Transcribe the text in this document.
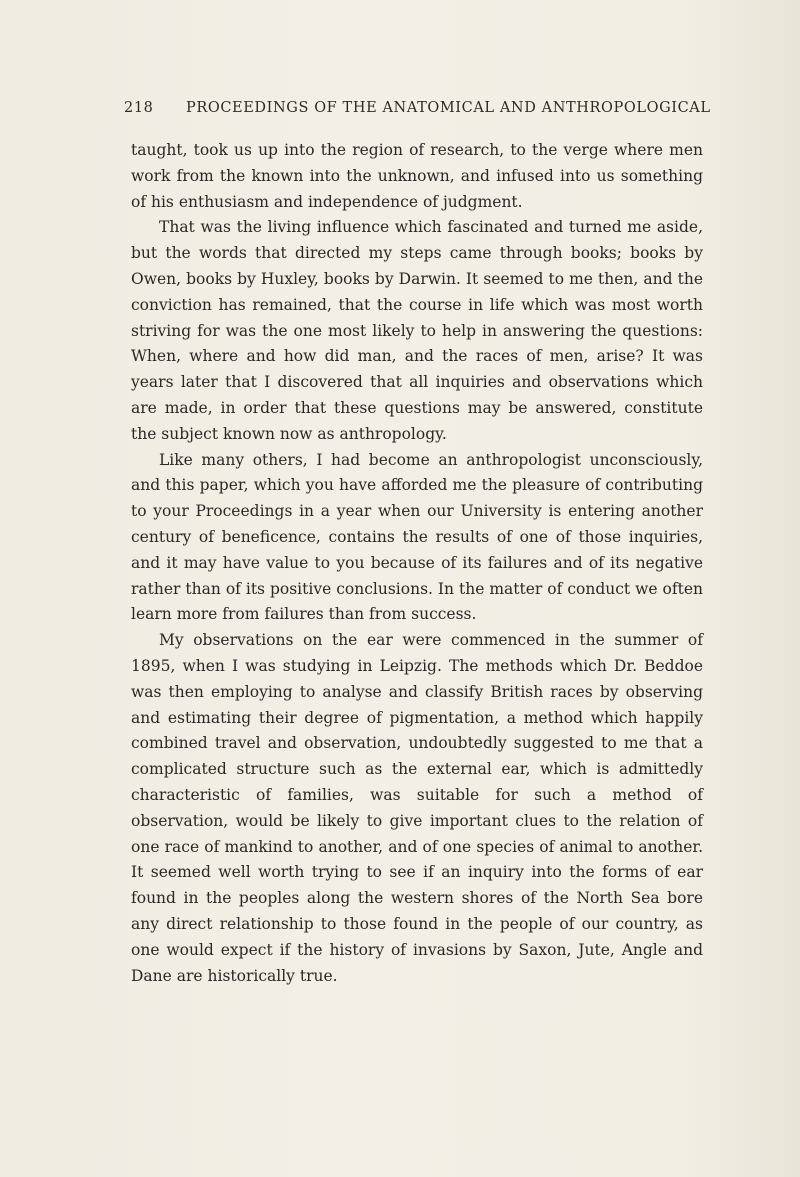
218 PROCEEDINGS OF THE ANATOMICAL AND ANTHROPOLOGICAL

taught, took us up into the region of research, to the verge where men work from the known into the unknown, and infused into us something of his enthusiasm and independence of judgment.

That was the living influence which fascinated and turned me aside, but the words that directed my steps came through books; books by Owen, books by Huxley, books by Darwin. It seemed to me then, and the conviction has remained, that the course in life which was most worth striving for was the one most likely to help in answering the questions: When, where and how did man, and the races of men, arise? It was years later that I discovered that all inquiries and observations which are made, in order that these questions may be answered, constitute the subject known now as anthropology.

Like many others, I had become an anthropologist unconsciously, and this paper, which you have afforded me the pleasure of contributing to your Proceedings in a year when our University is entering another century of beneficence, contains the results of one of those inquiries, and it may have value to you because of its failures and of its negative rather than of its positive conclusions. In the matter of conduct we often learn more from failures than from success.

My observations on the ear were commenced in the summer of 1895, when I was studying in Leipzig. The methods which Dr. Beddoe was then employing to analyse and classify British races by observing and estimating their degree of pigmentation, a method which happily combined travel and observation, undoubtedly suggested to me that a complicated structure such as the external ear, which is admittedly characteristic of families, was suitable for such a method of observation, would be likely to give important clues to the relation of one race of mankind to another, and of one species of animal to another. It seemed well worth trying to see if an inquiry into the forms of ear found in the peoples along the western shores of the North Sea bore any direct relationship to those found in the people of our country, as one would expect if the history of invasions by Saxon, Jute, Angle and Dane are historically true.
